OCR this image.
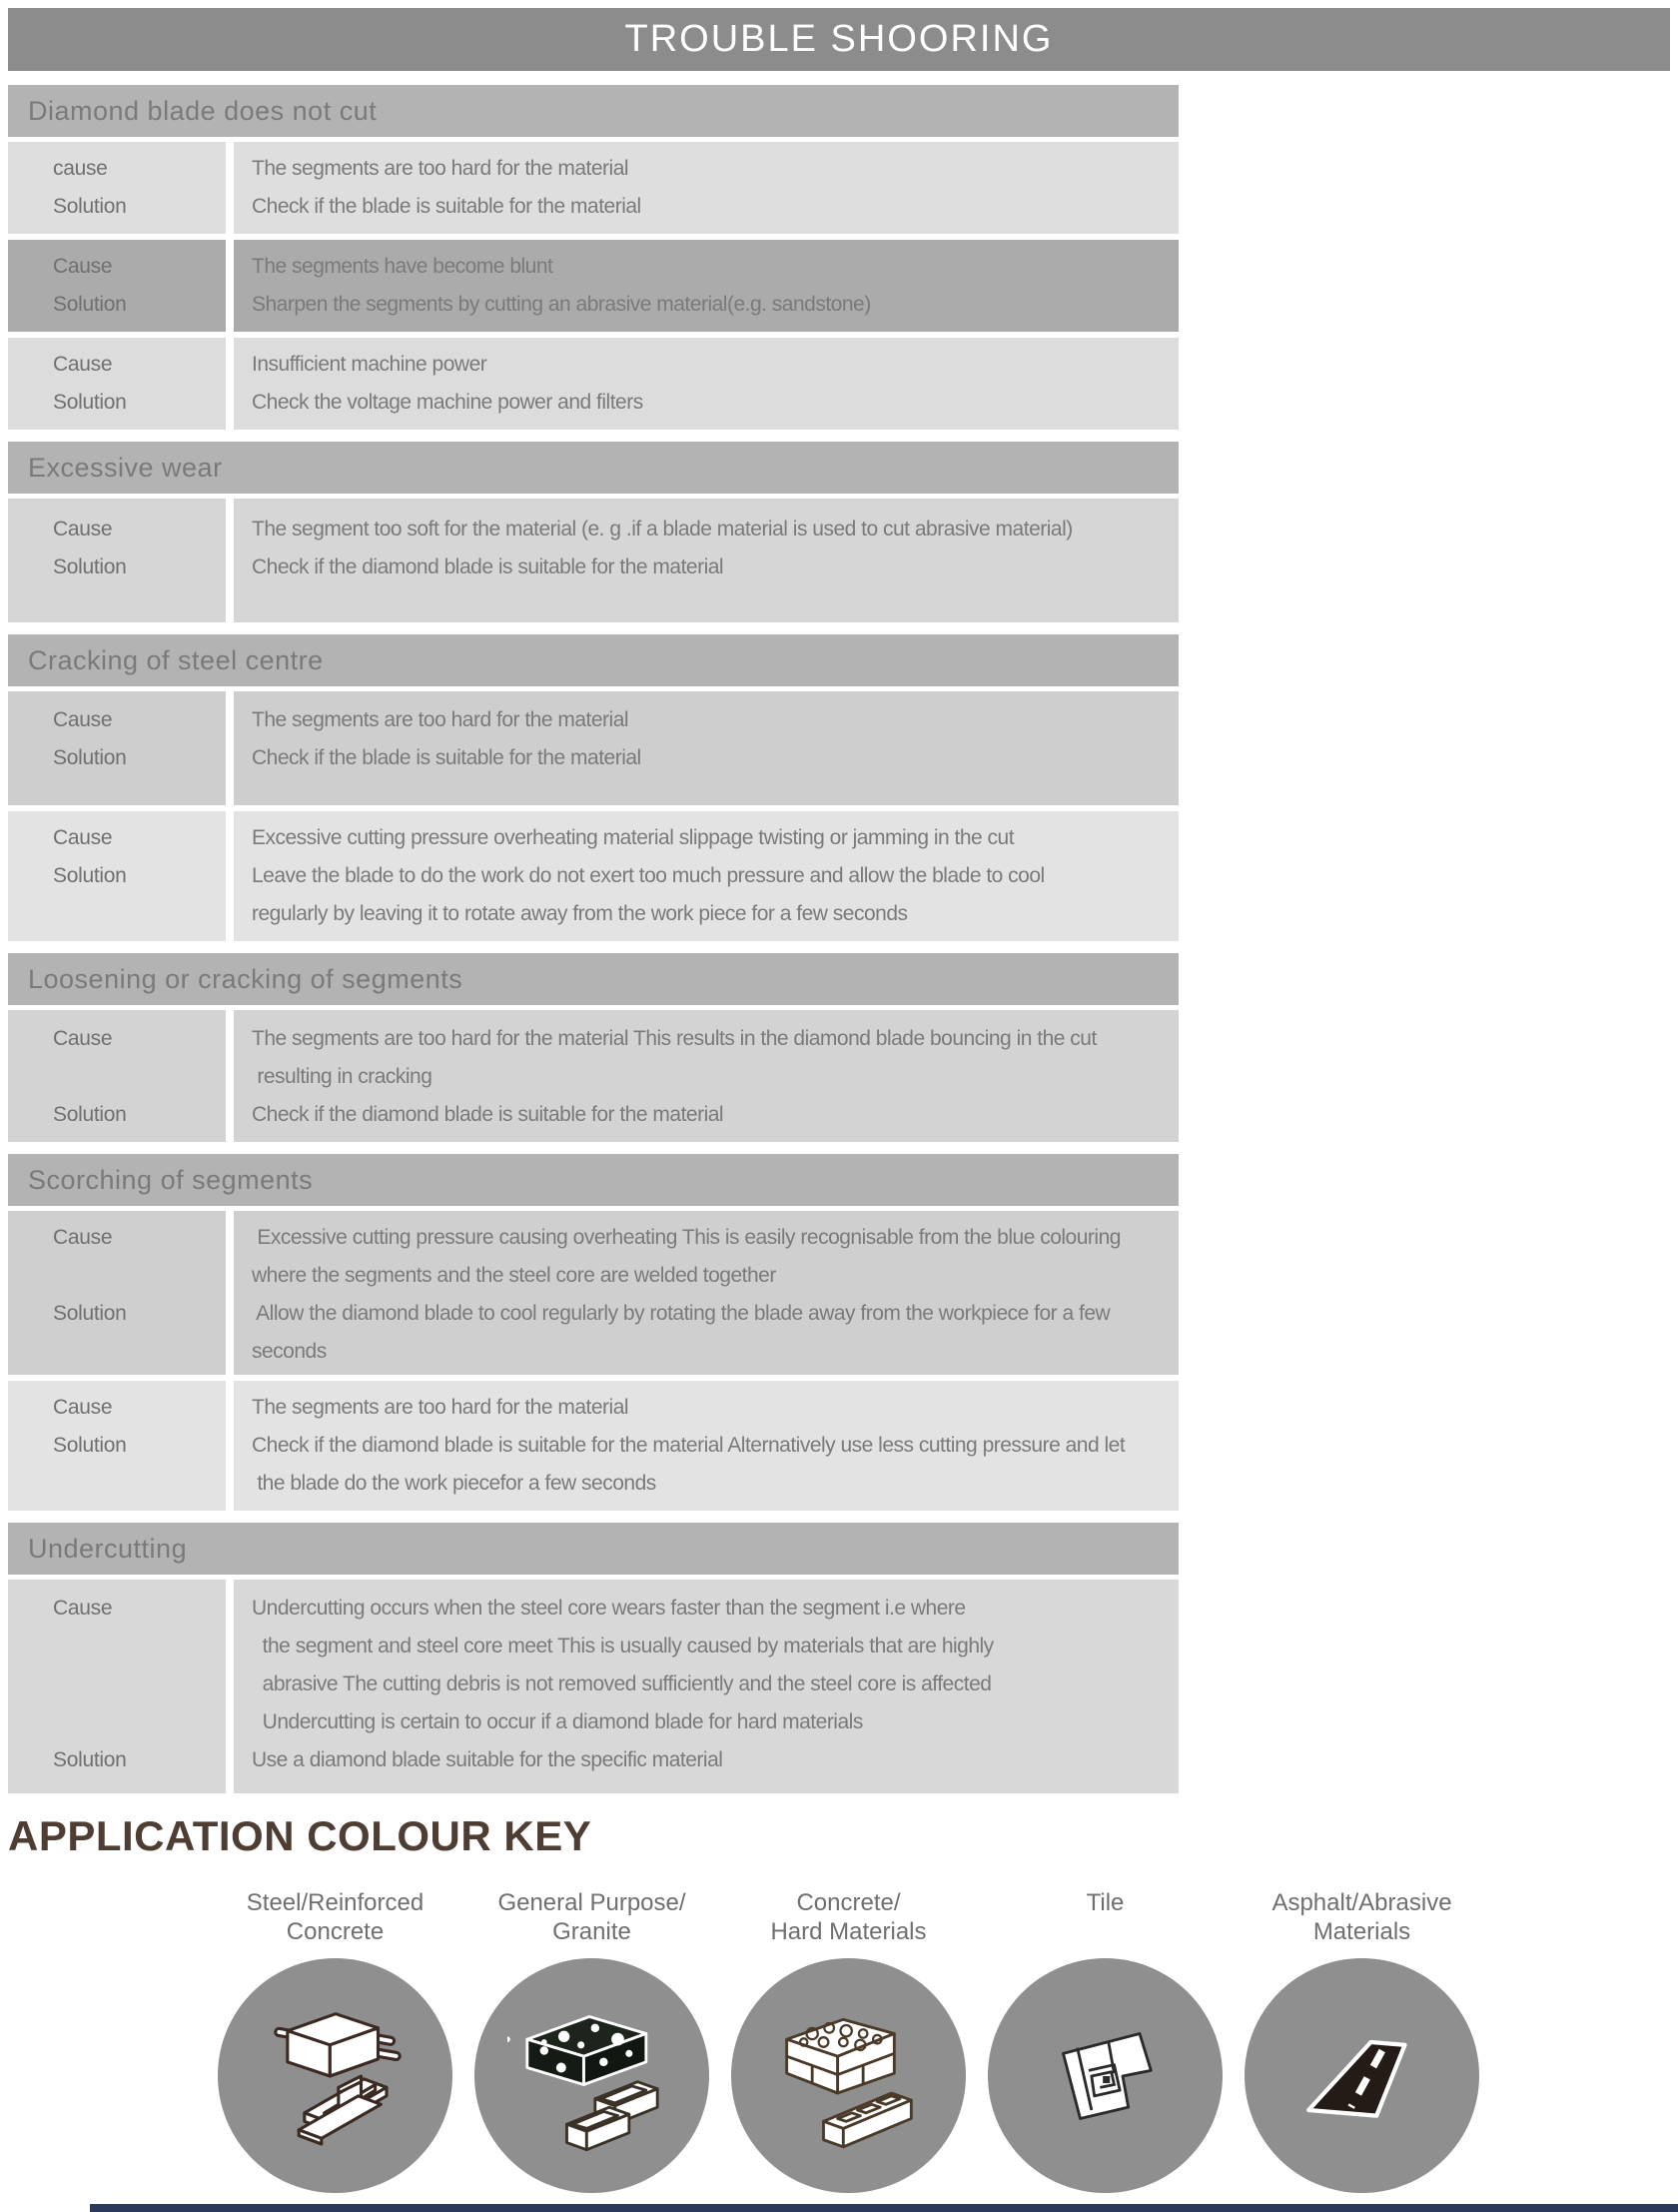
TROUBLE SHOORING
Diamond blade does not cut
cause
Solution
The segments are too hard for the material
Check if the blade is suitable for the material
Cause
Solution
The segments have become blunt
Sharpen the segments by cutting an abrasive material(e.g. sandstone)
Cause
Solution
Insufficient machine power
Check the voltage machine power and filters
Excessive wear
Cause
Solution
The segment too soft for the material (e. g .if a blade material is used to cut abrasive material)
Check if the diamond blade is suitable for the material
Cracking of steel centre
Cause
Solution
The segments are too hard for the material
Check if the blade is suitable for the material
Cause
Solution
Excessive cutting pressure overheating material slippage twisting or jamming in the cut
Leave the blade to do the work do not exert too much pressure and allow the blade to cool
regularly by leaving it to rotate away from the work piece for a few seconds
Loosening or cracking of segments
Cause
Solution
The segments are too hard for the material This results in the diamond blade bouncing in the cut
resulting in cracking
Check if the diamond blade is suitable for the material
Scorching of segments
Cause
Solution
Excessive cutting pressure causing overheating This is easily recognisable from the blue colouring
where the segments and the steel core are welded together
Allow the diamond blade to cool regularly by rotating the blade away from the workpiece for a few
seconds
Cause
Solution
The segments are too hard for the material
Check if the diamond blade is suitable for the material Alternatively use less cutting pressure and let
the blade do the work piecefor a few seconds
Undercutting
Cause
Solution
Undercutting occurs when the steel core wears faster than the segment i.e where
the segment and steel core meet This is usually caused by materials that are highly
abrasive The cutting debris is not removed sufficiently and the steel core is affected
Undercutting is certain to occur if a diamond blade for hard materials
Use a diamond blade suitable for the specific material
APPLICATION COLOUR KEY
Steel/Reinforced
Concrete
General Purpose/
Granite
Concrete/
Hard Materials
Tile	Asphalt/Abrasive
Materials
